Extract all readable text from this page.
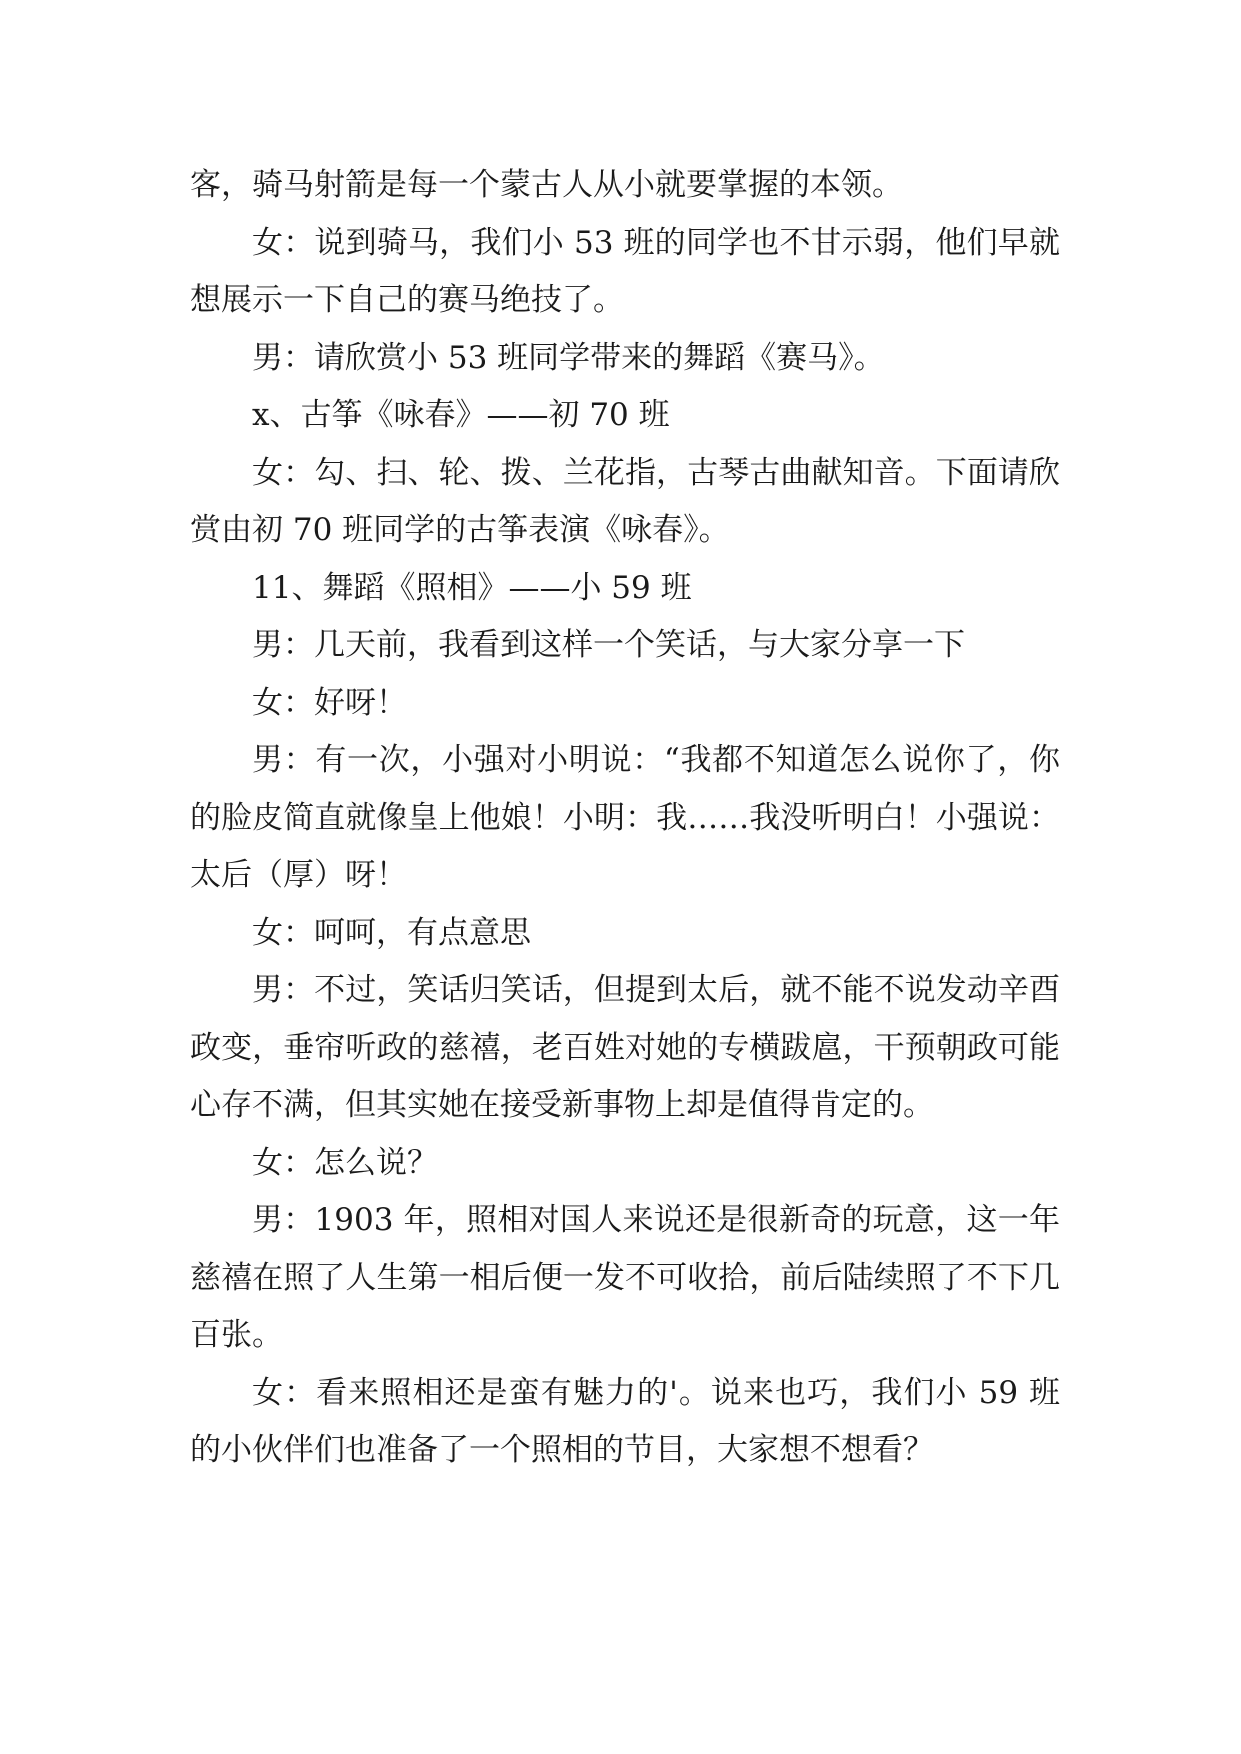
客，骑马射箭是每一个蒙古人从小就要掌握的本领。

女：说到骑马，我们小 53 班的同学也不甘示弱，他们早就想展示一下自己的赛马绝技了。

男：请欣赏小 53 班同学带来的舞蹈《赛马》。

x、古筝《咏春》——初 70 班

女：勾、扫、轮、拨、兰花指，古琴古曲献知音。下面请欣赏由初 70 班同学的古筝表演《咏春》。

11、舞蹈《照相》——小 59 班

男：几天前，我看到这样一个笑话，与大家分享一下

女：好呀！

男：有一次，小强对小明说：“我都不知道怎么说你了，你的脸皮简直就像皇上他娘！小明：我……我没听明白！小强说：太后（厚）呀！

女：呵呵，有点意思

男：不过，笑话归笑话，但提到太后，就不能不说发动辛酉政变，垂帘听政的慈禧，老百姓对她的专横跋扈，干预朝政可能心存不满，但其实她在接受新事物上却是值得肯定的。

女：怎么说？

男：1903 年，照相对国人来说还是很新奇的玩意，这一年慈禧在照了人生第一相后便一发不可收拾，前后陆续照了不下几百张。

女：看来照相还是蛮有魅力的'。说来也巧，我们小 59 班的小伙伴们也准备了一个照相的节目，大家想不想看？
